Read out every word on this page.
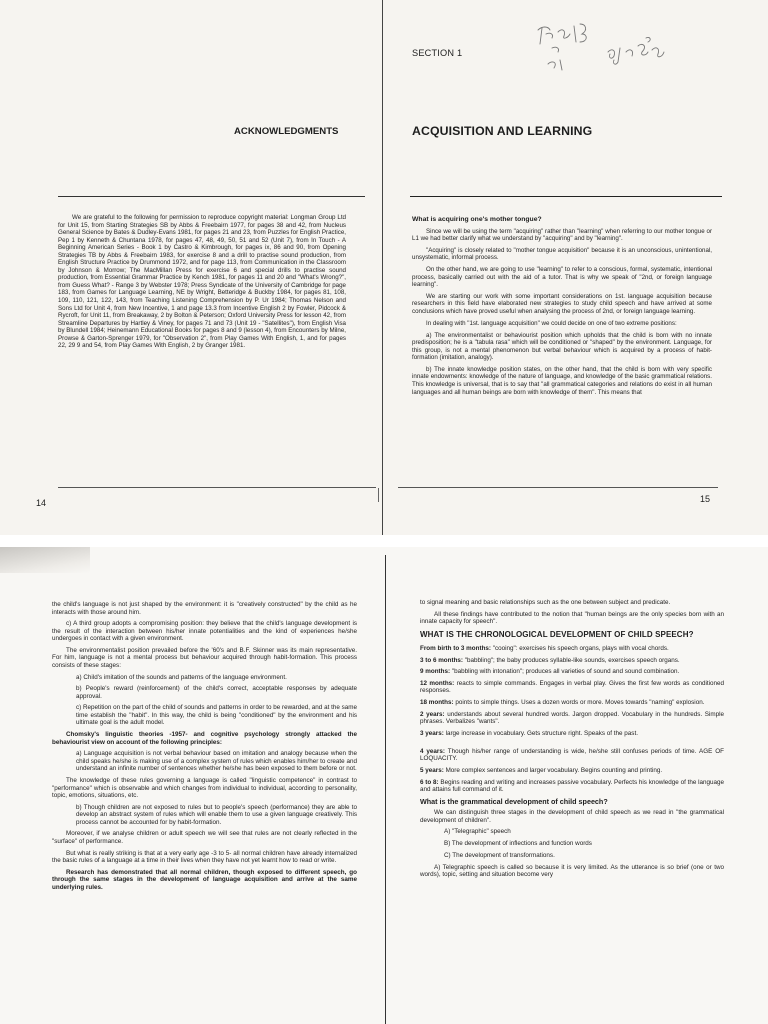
ACKNOWLEDGMENTS
SECTION 1
ACQUISITION AND LEARNING

We are grateful to the following for permission to reproduce copyright material: Longman Group Ltd for Unit 15, from Starting Strategies SB by Abbs & Freebairn 1977, for pages 38 and 42, from Nucleus General Science by Bates & Dudley-Evans 1981, for pages 21 and 23, from Puzzles for English Practice, Pep 1 by Kenneth & Chuntana 1978, for pages 47, 48, 49, 50, 51 and 52 (Unit 7), from In Touch - A Beginning American Series - Book 1 by Castro & Kimbrough, for pages ix, 86 and 90, from Opening Strategies TB by Abbs & Freebairn 1983, for exercise 8 and a drill to practise sound production, from English Structure Practice by Drummond 1972, and for page 113, from Communication in the Classroom by Johnson & Morrow; The MacMillan Press for exercise 6 and special drills to practise sound production, from Essential Grammar Practice by Kench 1981, for pages 11 and 20 and "What's Wrong?", from Guess What? - Range 3 by Webster 1978; Press Syndicate of the University of Cambridge for page 183, from Games for Language Learning, NE by Wright, Betteridge & Buckby 1984, for pages 81, 108, 109, 110, 121, 122, 143, from Teaching Listening Comprehension by P. Ur 1984; Thomas Nelson and Sons Ltd for Unit 4, from New Incentive, 1 and page 13.3 from Incentive English 2 by Fowler, Pidcock & Rycroft, for Unit 11, from Breakaway, 2 by Bolton & Peterson; Oxford University Press for lesson 42, from Streamline Departures by Hartley & Viney, for pages 71 and 73 (Unit 19 - "Satellites"), from English Visa by Blundell 1984; Heinemann Educational Books for pages 8 and 9 (lesson 4), from Encounters by Milne, Prowse & Garton-Sprenger 1979, for "Observation 2", from Play Games With English, 1, and for pages 22, 29 9 and 54, from Play Games With English, 2 by Granger 1981.

What is acquiring one's mother tongue?

Since we will be using the term "acquiring" rather than "learning" when referring to our mother tongue or L1 we had better clarify what we understand by "acquiring" and by "learning".

"Acquiring" is closely related to "mother tongue acquisition" because it is an unconscious, unintentional, unsystematic, informal process.

On the other hand, we are going to use "learning" to refer to a conscious, formal, systematic, intentional process, basically carried out with the aid of a tutor. That is why we speak of "2nd, or foreign language learning".

We are starting our work with some important considerations on 1st. language acquisition because researchers in this field have elaborated new strategies to study child speech and have arrived at some conclusions which have proved useful when analysing the process of 2nd, or foreign language learning.

In dealing with "1st. language acquisition" we could decide on one of two extreme positions:

a) The environmentalist or behaviourist position which upholds that the child is born with no innate predisposition; he is a "tabula rasa" which will be conditioned or "shaped" by the environment. Language, for this group, is not a mental phenomenon but verbal behaviour which is acquired by a process of habit-formation (imitation, analogy).

b) The innate knowledge position states, on the other hand, that the child is born with very specific innate endowments: knowledge of the nature of language, and knowledge of the basic grammatical relations. This knowledge is universal, that is to say that "all grammatical categories and relations do exist in all human languages and all human beings are born with knowledge of them". This means that

14	15

the child's language is not just shaped by the environment: it is "creatively constructed" by the child as he interacts with those around him.

c) A third group adopts a compromising position: they believe that the child's language development is the result of the interaction between his/her innate potentialities and the kind of experiences he/she undergoes in contact with a given environment.

The environmentalist position prevailed before the '60's and B.F. Skinner was its main representative. For him, language is not a mental process but behaviour acquired through habit-formation. This process consists of these stages:

a) Child's imitation of the sounds and patterns of the language environment.

b) People's reward (reinforcement) of the child's correct, acceptable responses by adequate approval.

c) Repetition on the part of the child of sounds and patterns in order to be rewarded, and at the same time establish the "habit". In this way, the child is being "conditioned" by the environment and his ultimate goal is the adult model.

Chomsky's linguistic theories -1957- and cognitive psychology strongly attacked the behaviourist view on account of the following principles:

a) Language acquisition is not verbal behaviour based on imitation and analogy because when the child speaks he/she is making use of a complex system of rules which enables him/her to create and understand an infinite number of sentences whether he/she has been exposed to them before or not.

The knowledge of these rules governing a language is called "linguistic competence" in contrast to "performance" which is observable and which changes from individual to individual, according to personality, topic, emotions, situations, etc.

b) Though children are not exposed to rules but to people's speech (performance) they are able to develop an abstract system of rules which will enable them to use a given language creatively. This process cannot be accounted for by habit-formation.

Moreover, if we analyse children or adult speech we will see that rules are not clearly reflected in the "surface" of performance.

But what is really striking is that at a very early age -3 to 5- all normal children have already internalized the basic rules of a language at a time in their lives when they have not yet learnt how to read or write.

Research has demonstrated that all normal children, though exposed to different speech, go through the same stages in the development of language acquisition and arrive at the same underlying rules.

to signal meaning and basic relationships such as the one between subject and predicate.

All these findings have contributed to the notion that "human beings are the only species born with an innate capacity for speech".

WHAT IS THE CHRONOLOGICAL DEVELOPMENT OF CHILD SPEECH?

From birth to 3 months: "cooing": exercises his speech organs, plays with vocal chords.

3 to 6 months: "babbling"; the baby produces syllable-like sounds, exercises speech organs.

9 months: "babbling with intonation"; produces all varieties of sound and sound combination.

12 months: reacts to simple commands. Engages in verbal play. Gives the first few words as conditioned responses.

18 months: points to simple things. Uses a dozen words or more. Moves towards "naming" explosion.

2 years: understands about several hundred words. Jargon dropped. Vocabulary in the hundreds. Simple phrases. Verbalizes "wants".

3 years: large increase in vocabulary. Gets structure right. Speaks of the past.

4 years: Though his/her range of understanding is wide, he/she still confuses periods of time. AGE OF LOQUACITY.

5 years: More complex sentences and larger vocabulary. Begins counting and printing.

6 to 8: Begins reading and writing and increases passive vocabulary. Perfects his knowledge of the language and attains full command of it.

What is the grammatical development of child speech?

We can distinguish three stages in the development of child speech as we read in "the grammatical development of children".

A) "Telegraphic" speech

B) The development of inflections and function words

C) The development of transformations.

A) Telegraphic speech is called so because it is very limited. As the utterance is so brief (one or two words), topic, setting and situation become very
